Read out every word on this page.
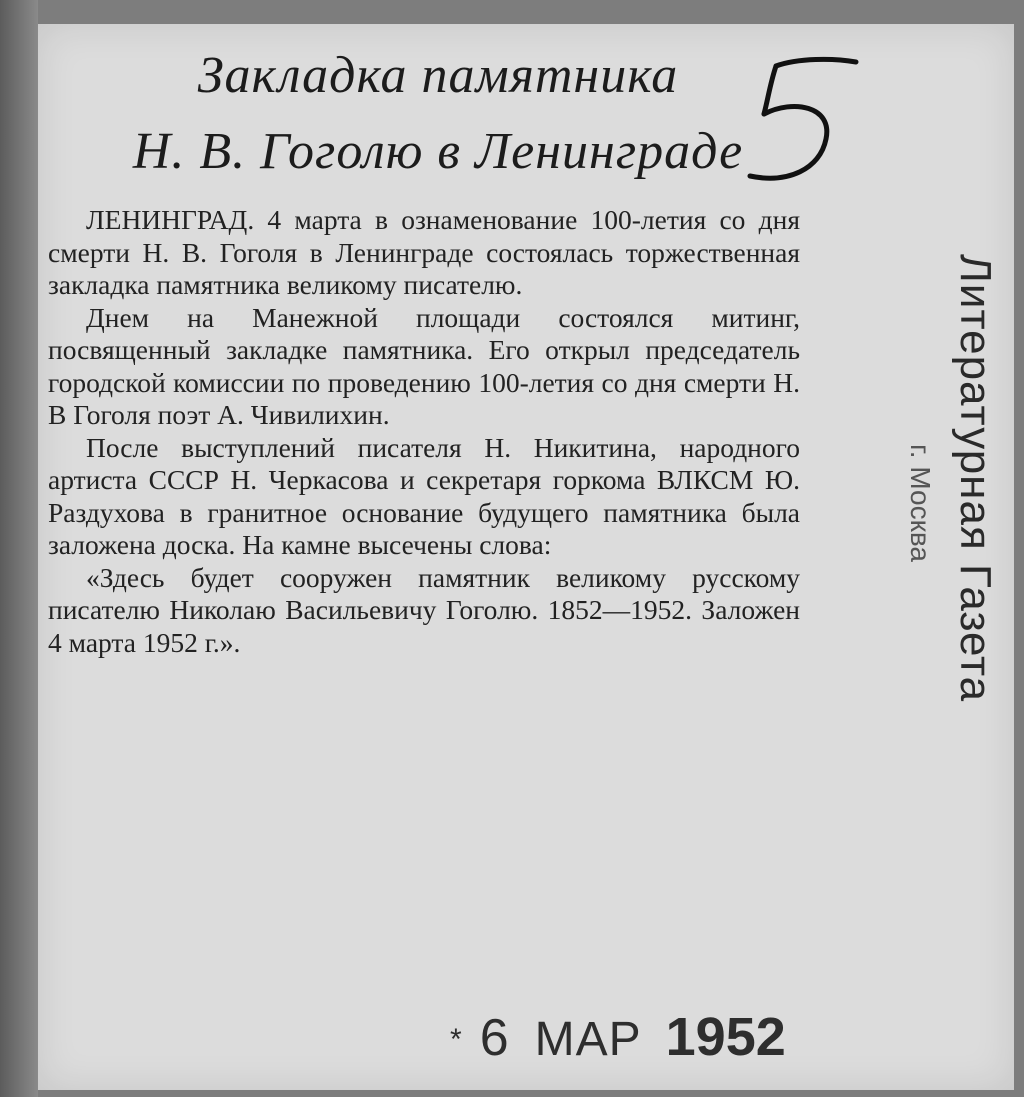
Закладка памятника
Н. В. Гоголю в Ленинграде

ЛЕНИНГРАД. 4 марта в ознаменование 100-летия со дня смерти Н. В. Гоголя в Ленинграде состоялась торжественная закладка памятника великому писателю.

Днем на Манежной площади состоялся митинг, посвященный закладке памятника. Его открыл председатель городской комиссии по проведению 100-летия со дня смерти Н. В Гоголя поэт А. Чивилихин.

После выступлений писателя Н. Никитина, народного артиста СССР Н. Черкасова и секретаря горкома ВЛКСМ Ю. Раздухова в гранитное основание будущего памятника была заложена доска. На камне высечены слова:

«Здесь будет сооружен памятник великому русскому писателю Николаю Васильевичу Гоголю. 1852—1952. Заложен 4 марта 1952 г.».	Литературная Газета
г. Москва
* 6 МАР 1952
